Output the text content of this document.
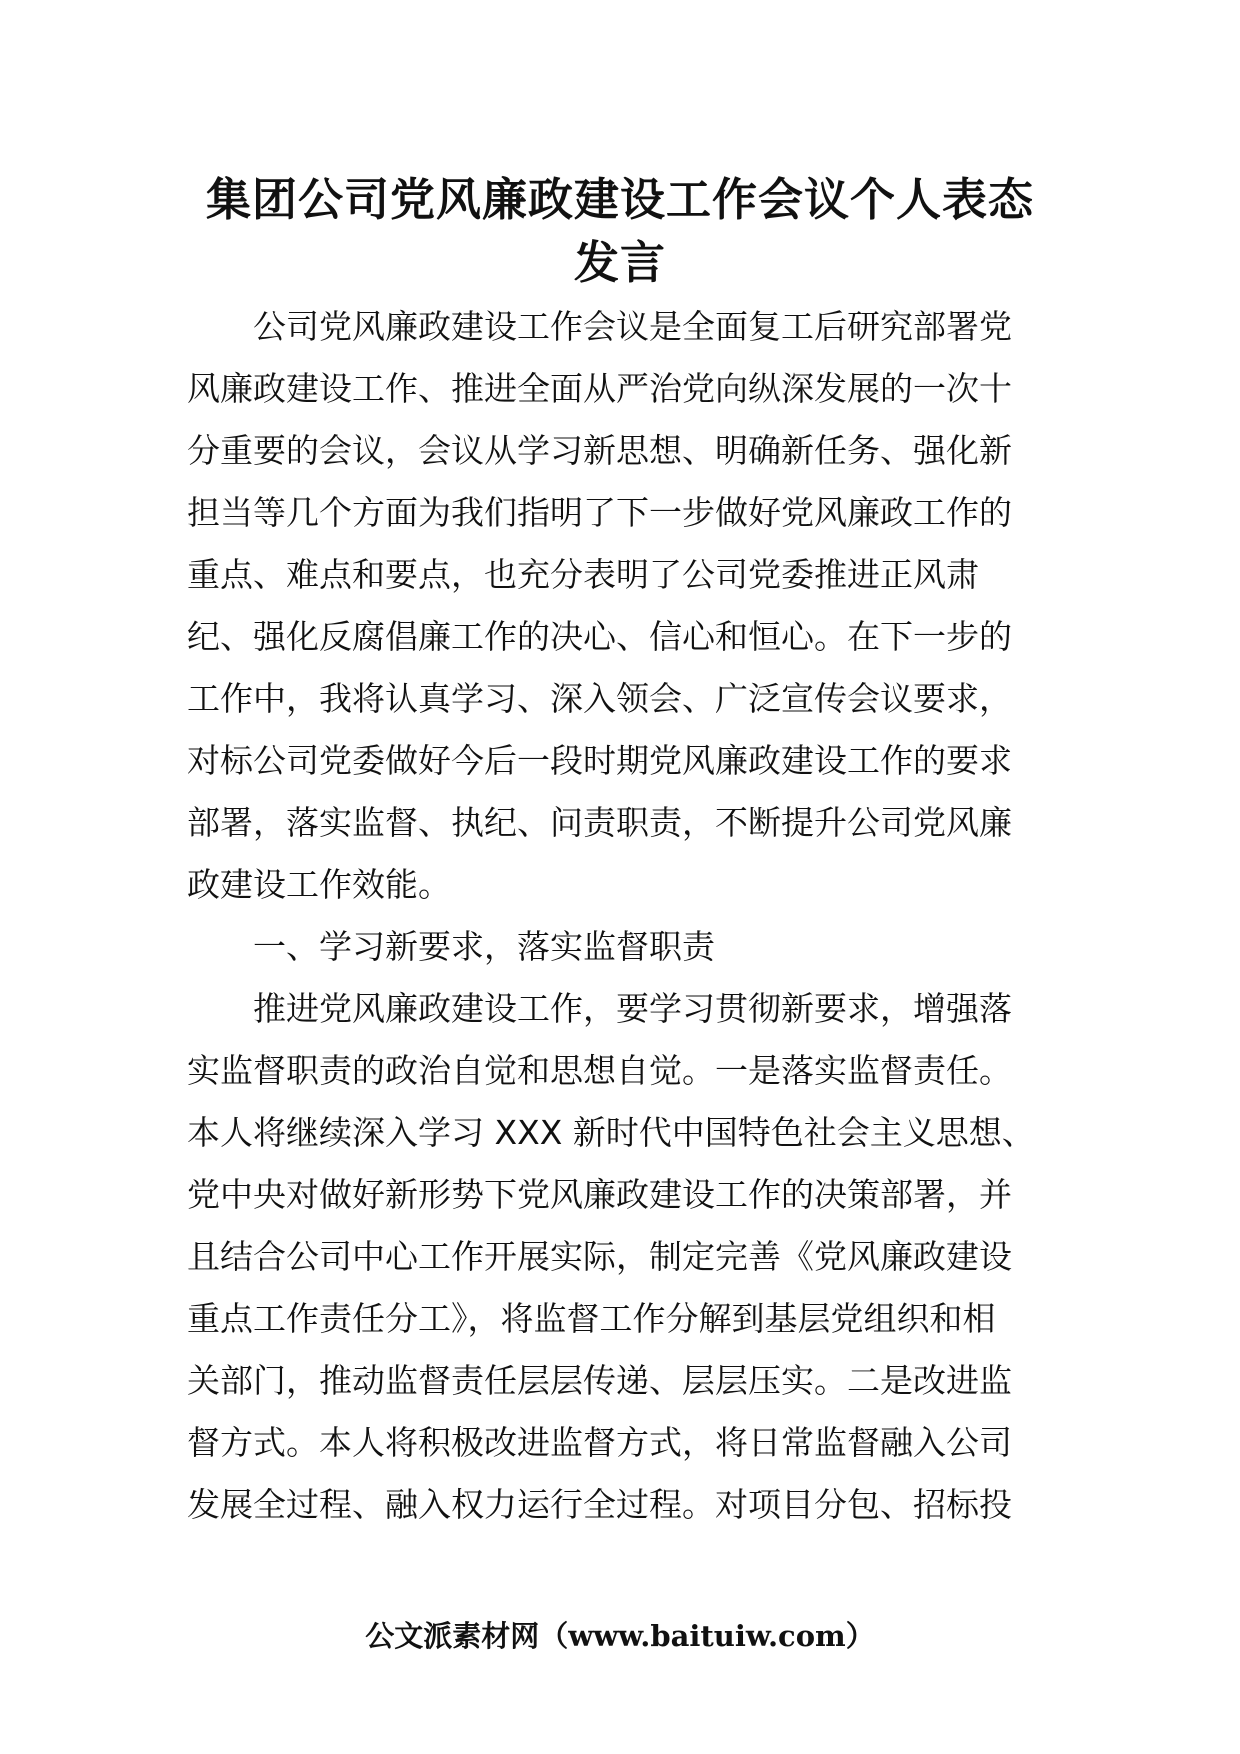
集团公司党风廉政建设工作会议个人表态
发言
公司党风廉政建设工作会议是全面复工后研究部署党
风廉政建设工作、推进全面从严治党向纵深发展的一次十
分重要的会议，会议从学习新思想、明确新任务、强化新
担当等几个方面为我们指明了下一步做好党风廉政工作的
重点、难点和要点，也充分表明了公司党委推进正风肃
纪、强化反腐倡廉工作的决心、信心和恒心。在下一步的
工作中，我将认真学习、深入领会、广泛宣传会议要求，
对标公司党委做好今后一段时期党风廉政建设工作的要求
部署，落实监督、执纪、问责职责，不断提升公司党风廉
政建设工作效能。
一、学习新要求，落实监督职责
推进党风廉政建设工作，要学习贯彻新要求，增强落
实监督职责的政治自觉和思想自觉。一是落实监督责任。
本人将继续深入学习 XXX 新时代中国特色社会主义思想、
党中央对做好新形势下党风廉政建设工作的决策部署，并
且结合公司中心工作开展实际，制定完善《党风廉政建设
重点工作责任分工》，将监督工作分解到基层党组织和相
关部门，推动监督责任层层传递、层层压实。二是改进监
督方式。本人将积极改进监督方式，将日常监督融入公司
发展全过程、融入权力运行全过程。对项目分包、招标投
公文派素材网（www.baituiw.com）
